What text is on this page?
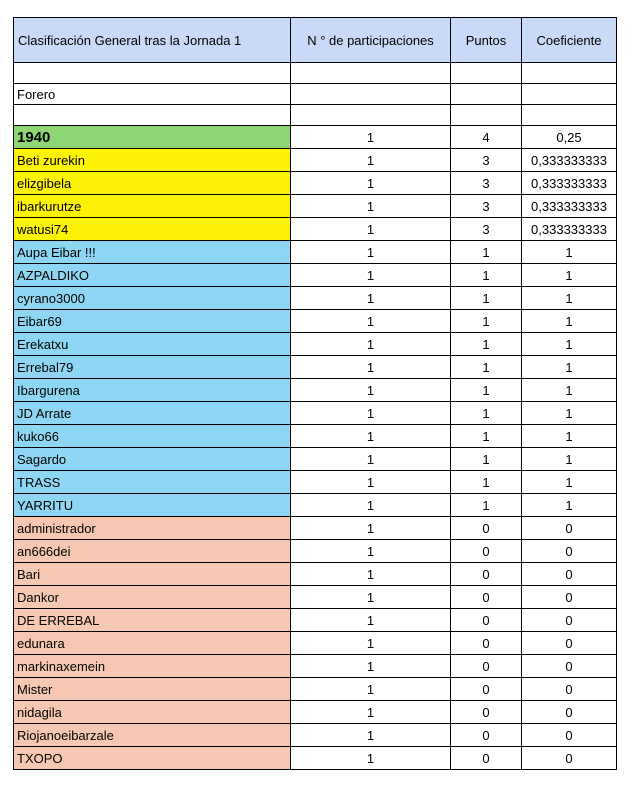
Clasificación General tras la Jornada 1	N ° de participaciones	Puntos	Coeficiente

Forero			

1940	1	4	0,25
Beti zurekin	1	3	0,333333333
elizgibela	1	3	0,333333333
ibarkurutze	1	3	0,333333333
watusi74	1	3	0,333333333
Aupa Eibar !!!	1	1	1
AZPALDIKO	1	1	1
cyrano3000	1	1	1
Eibar69	1	1	1
Erekatxu	1	1	1
Errebal79	1	1	1
Ibargurena	1	1	1
JD Arrate	1	1	1
kuko66	1	1	1
Sagardo	1	1	1
TRASS	1	1	1
YARRITU	1	1	1
administrador	1	0	0
an666dei	1	0	0
Bari	1	0	0
Dankor	1	0	0
DE ERREBAL	1	0	0
edunara	1	0	0
markinaxemein	1	0	0
Mister	1	0	0
nidagila	1	0	0
Riojanoeibarzale	1	0	0
TXOPO	1	0	0
